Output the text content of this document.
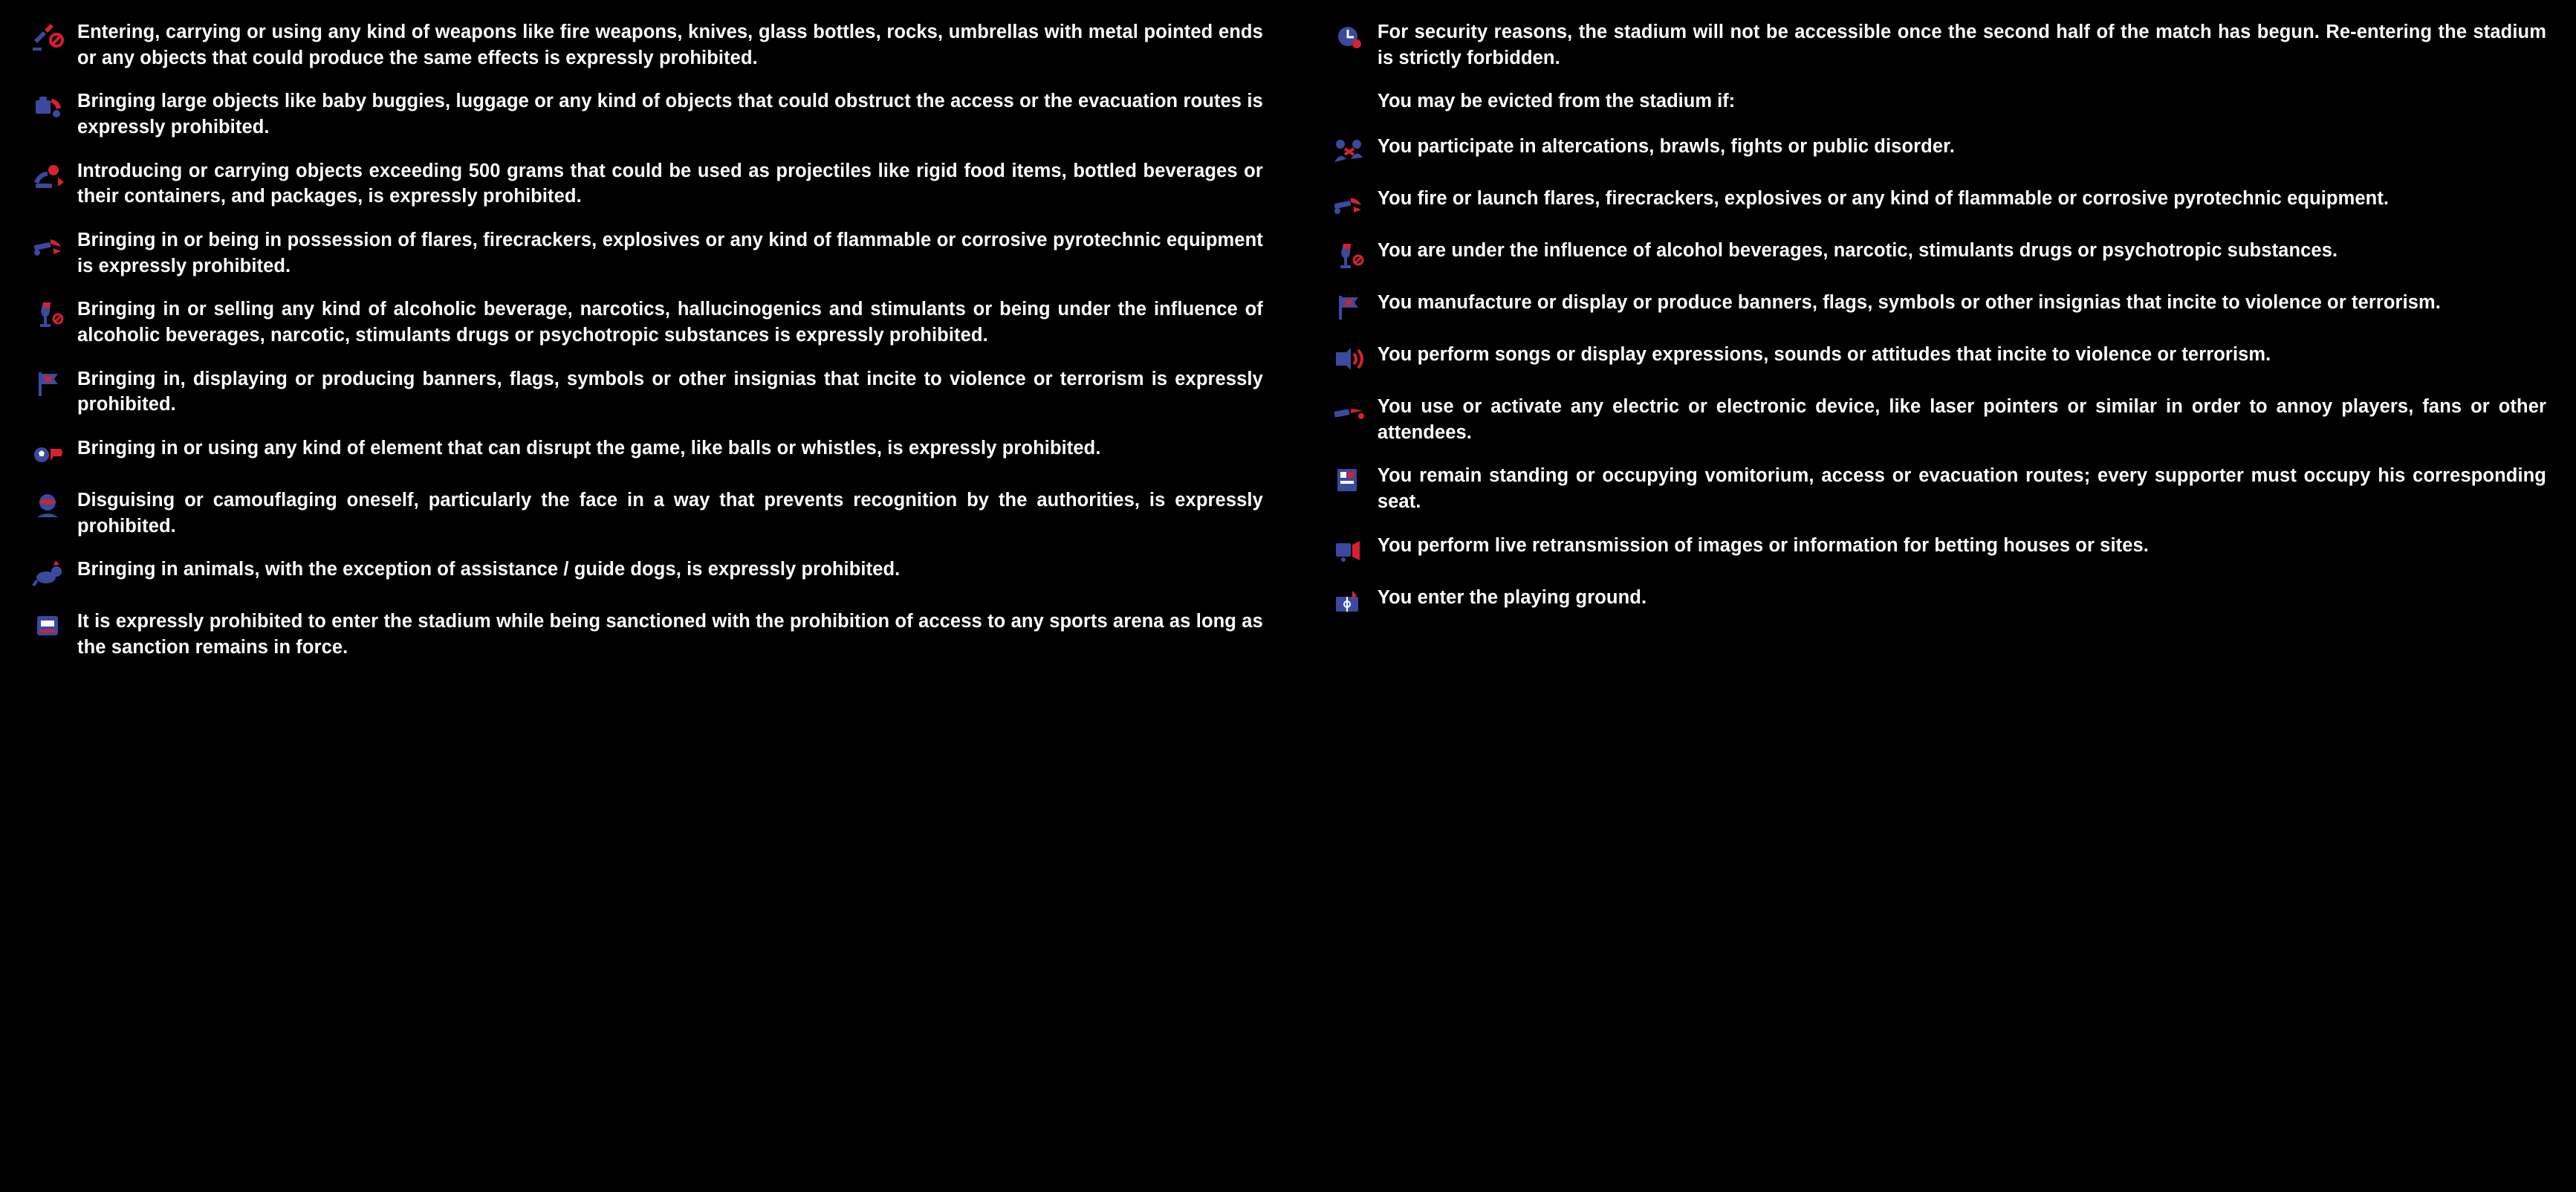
Entering, carrying or using any kind of weapons like fire weapons, knives, glass bottles, rocks, umbrellas with metal pointed ends or any objects that could produce the same effects is expressly prohibited.
Bringing large objects like baby buggies, luggage or any kind of objects that could obstruct the access or the evacuation routes is expressly prohibited.
Introducing or carrying objects exceeding 500 grams that could be used as projectiles like rigid food items, bottled beverages or their containers, and packages, is expressly prohibited.
Bringing in or being in possession of flares, firecrackers, explosives or any kind of flammable or corrosive pyrotechnic equipment is expressly prohibited.
Bringing in or selling any kind of alcoholic beverage, narcotics, hallucinogenics and stimulants or being under the influence of alcoholic beverages, narcotic, stimulants drugs or psychotropic substances is expressly prohibited.
Bringing in, displaying or producing banners, flags, symbols or other insignias that incite to violence or terrorism is expressly prohibited.
Bringing in or using any kind of element that can disrupt the game, like balls or whistles, is expressly prohibited.
Disguising or camouflaging oneself, particularly the face in a way that prevents recognition by the authorities, is expressly prohibited.
Bringing in animals, with the exception of assistance / guide dogs, is expressly prohibited.
It is expressly prohibited to enter the stadium while being sanctioned with the prohibition of access to any sports arena as long as the sanction remains in force.
For security reasons, the stadium will not be accessible once the second half of the match has begun. Re-entering the stadium is strictly forbidden.
You may be evicted from the stadium if:
You participate in altercations, brawls, fights or public disorder.
You fire or launch flares, firecrackers, explosives or any kind of flammable or corrosive pyrotechnic equipment.
You are under the influence of alcohol beverages, narcotic, stimulants drugs or psychotropic substances.
You manufacture or display or produce banners, flags, symbols or other insignias that incite to violence or terrorism.
You perform songs or display expressions, sounds or attitudes that incite to violence or terrorism.
You use or activate any electric or electronic device, like laser pointers or similar in order to annoy players, fans or other attendees.
You remain standing or occupying vomitorium, access or evacuation routes; every supporter must occupy his corresponding seat.
You perform live retransmission of images or information for betting houses or sites.
You enter the playing ground.
